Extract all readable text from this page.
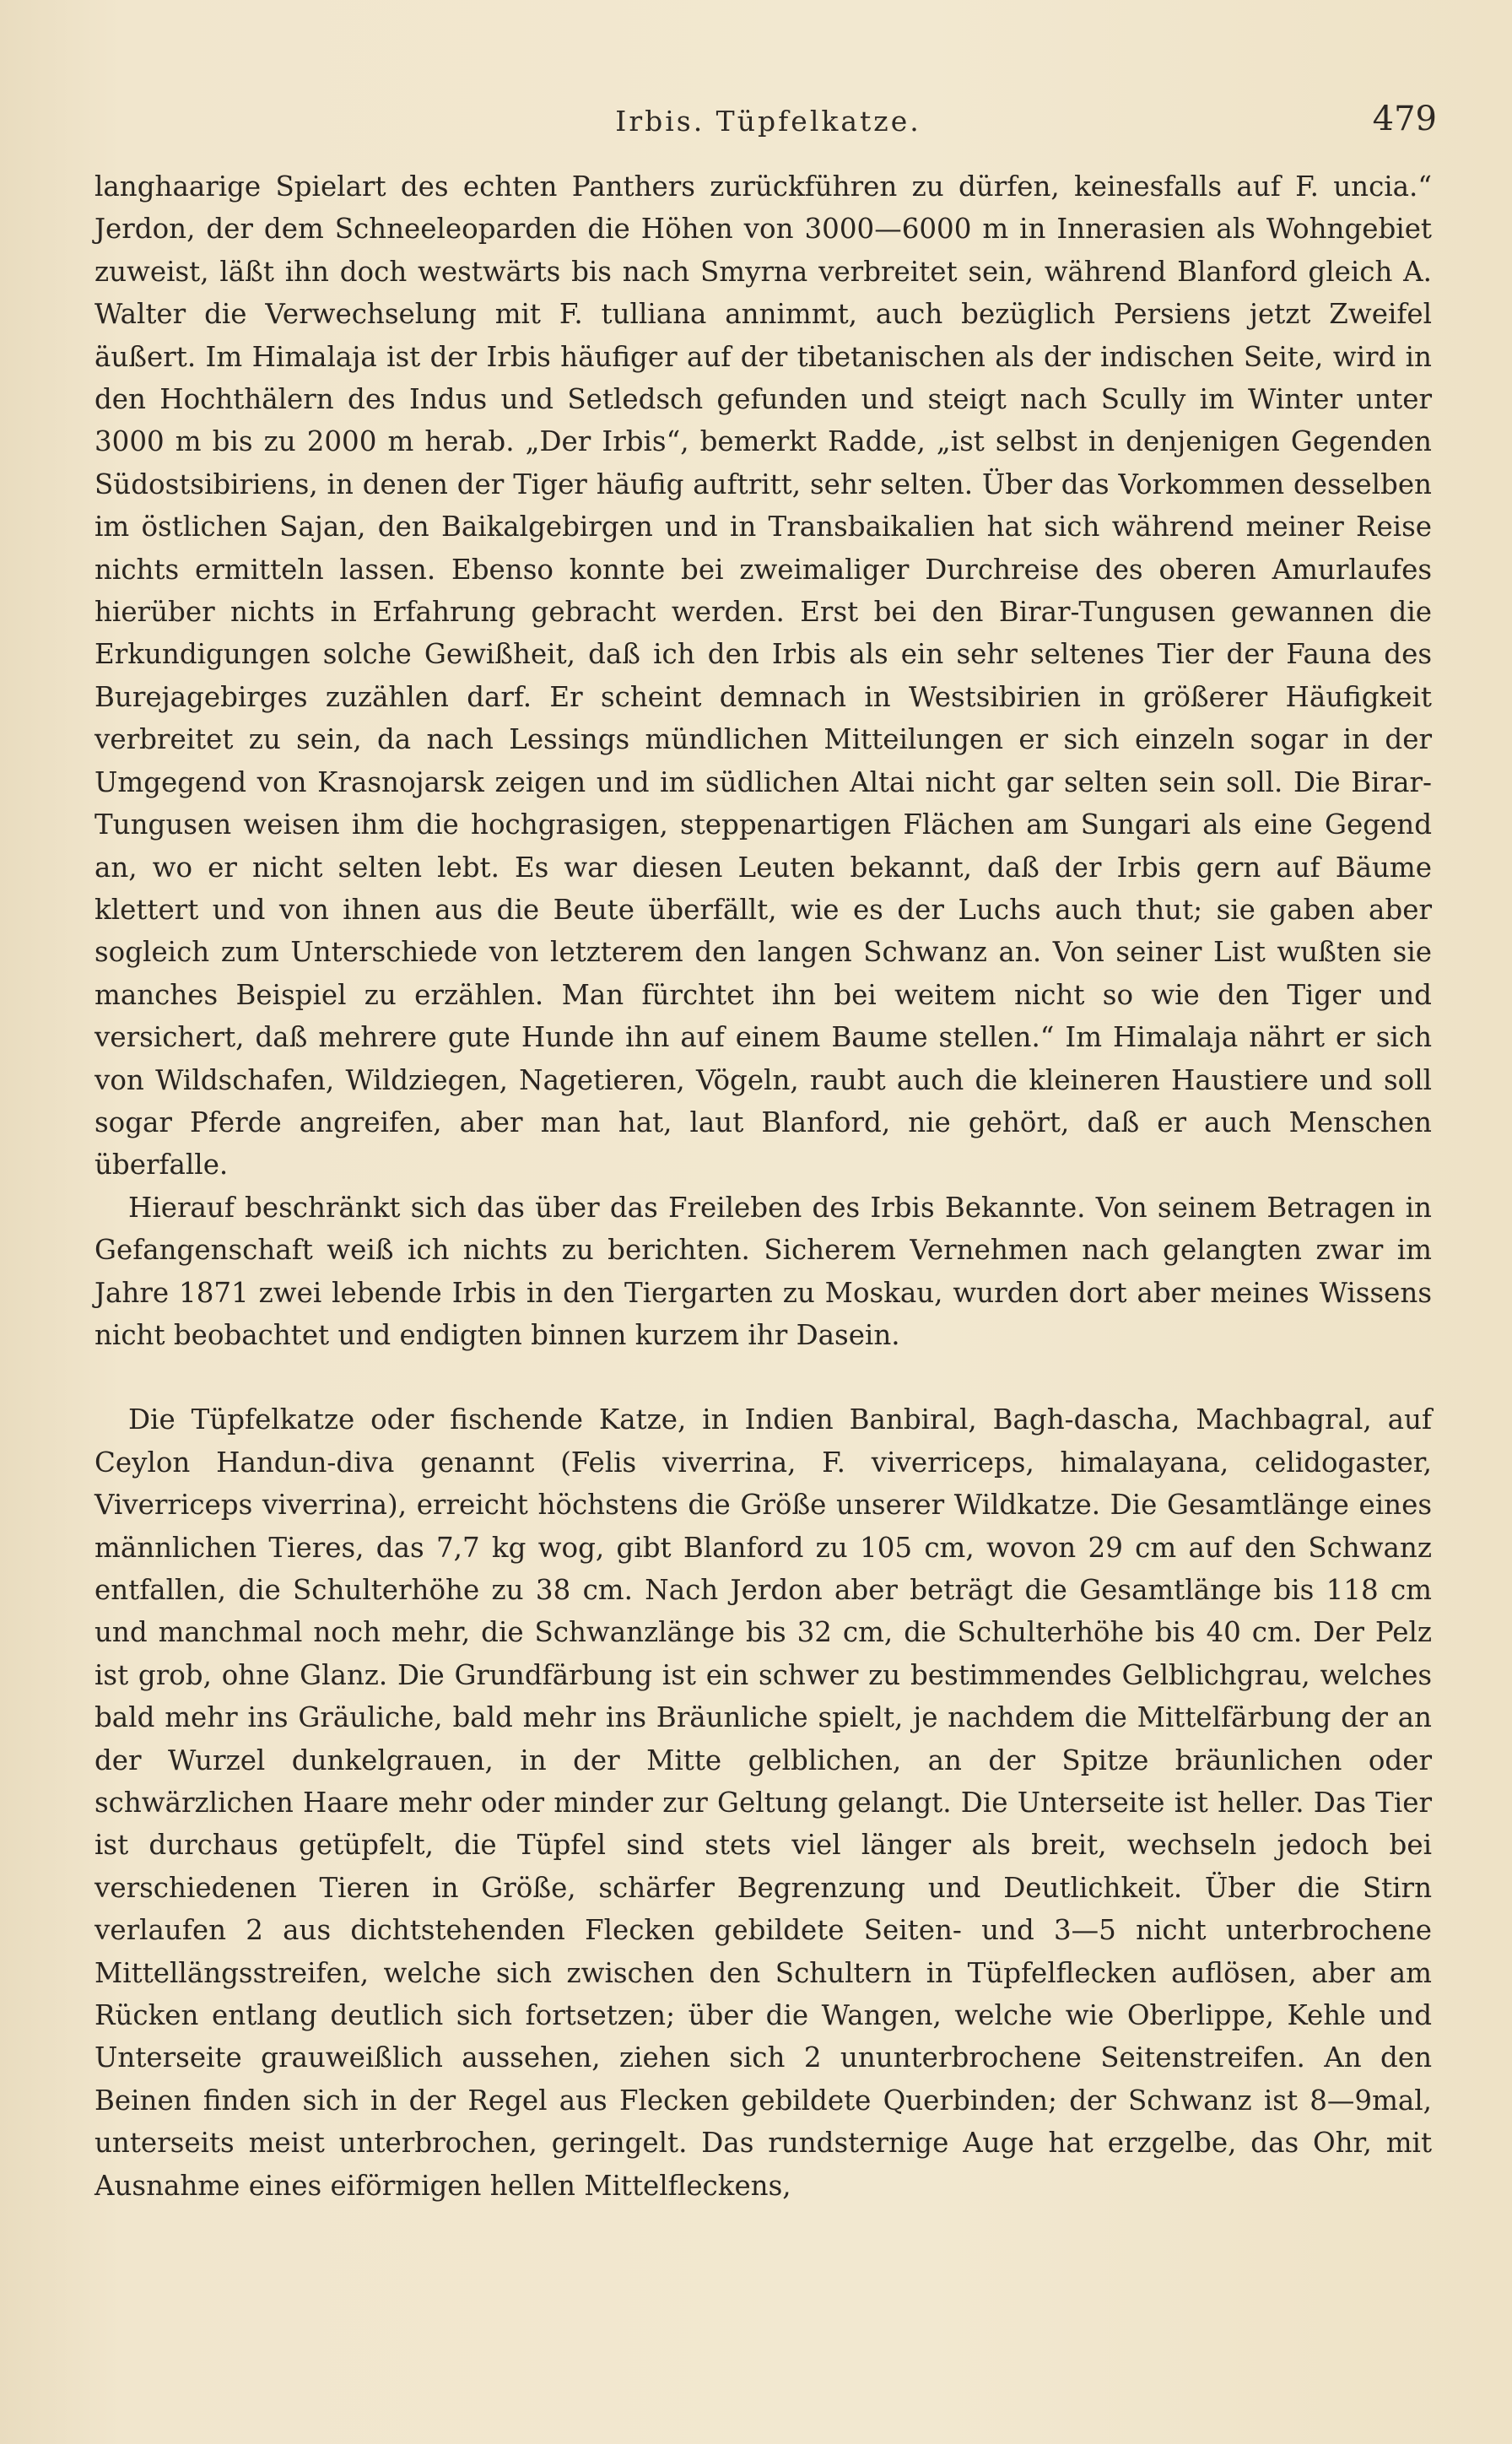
Irbis. Tüpfelkatze.	479

langhaarige Spielart des echten Panthers zurückführen zu dürfen, keinesfalls auf F. uncia.“ Jerdon, der dem Schneeleoparden die Höhen von 3000—6000 m in Innerasien als Wohngebiet zuweist, läßt ihn doch westwärts bis nach Smyrna verbreitet sein, während Blanford gleich A. Walter die Verwechselung mit F. tulliana annimmt, auch bezüglich Persiens jetzt Zweifel äußert. Im Himalaja ist der Irbis häufiger auf der tibetanischen als der indischen Seite, wird in den Hochthälern des Indus und Setledsch gefunden und steigt nach Scully im Winter unter 3000 m bis zu 2000 m herab. „Der Irbis“, bemerkt Radde, „ist selbst in denjenigen Gegenden Südostsibiriens, in denen der Tiger häufig auftritt, sehr selten. Über das Vorkommen desselben im östlichen Sajan, den Baikalgebirgen und in Transbaikalien hat sich während meiner Reise nichts ermitteln lassen. Ebenso konnte bei zweimaliger Durchreise des oberen Amurlaufes hierüber nichts in Erfahrung gebracht werden. Erst bei den Birar-Tungusen gewannen die Erkundigungen solche Gewißheit, daß ich den Irbis als ein sehr seltenes Tier der Fauna des Burejagebirges zuzählen darf. Er scheint demnach in Westsibirien in größerer Häufigkeit verbreitet zu sein, da nach Lessings mündlichen Mitteilungen er sich einzeln sogar in der Umgegend von Krasnojarsk zeigen und im südlichen Altai nicht gar selten sein soll. Die Birar-Tungusen weisen ihm die hochgrasigen, steppenartigen Flächen am Sungari als eine Gegend an, wo er nicht selten lebt. Es war diesen Leuten bekannt, daß der Irbis gern auf Bäume klettert und von ihnen aus die Beute überfällt, wie es der Luchs auch thut; sie gaben aber sogleich zum Unterschiede von letzterem den langen Schwanz an. Von seiner List wußten sie manches Beispiel zu erzählen. Man fürchtet ihn bei weitem nicht so wie den Tiger und versichert, daß mehrere gute Hunde ihn auf einem Baume stellen.“ Im Himalaja nährt er sich von Wildschafen, Wildziegen, Nagetieren, Vögeln, raubt auch die kleineren Haustiere und soll sogar Pferde angreifen, aber man hat, laut Blanford, nie gehört, daß er auch Menschen überfalle.

Hierauf beschränkt sich das über das Freileben des Irbis Bekannte. Von seinem Betragen in Gefangenschaft weiß ich nichts zu berichten. Sicherem Vernehmen nach gelangten zwar im Jahre 1871 zwei lebende Irbis in den Tiergarten zu Moskau, wurden dort aber meines Wissens nicht beobachtet und endigten binnen kurzem ihr Dasein.

Die Tüpfelkatze oder fischende Katze, in Indien Banbiral, Bagh-dascha, Machbagral, auf Ceylon Handun-diva genannt (Felis viverrina, F. viverriceps, himalayana, celidogaster, Viverriceps viverrina), erreicht höchstens die Größe unserer Wildkatze. Die Gesamtlänge eines männlichen Tieres, das 7,7 kg wog, gibt Blanford zu 105 cm, wovon 29 cm auf den Schwanz entfallen, die Schulterhöhe zu 38 cm. Nach Jerdon aber beträgt die Gesamtlänge bis 118 cm und manchmal noch mehr, die Schwanzlänge bis 32 cm, die Schulterhöhe bis 40 cm. Der Pelz ist grob, ohne Glanz. Die Grundfärbung ist ein schwer zu bestimmendes Gelblichgrau, welches bald mehr ins Gräuliche, bald mehr ins Bräunliche spielt, je nachdem die Mittelfärbung der an der Wurzel dunkelgrauen, in der Mitte gelblichen, an der Spitze bräunlichen oder schwärzlichen Haare mehr oder minder zur Geltung gelangt. Die Unterseite ist heller. Das Tier ist durchaus getüpfelt, die Tüpfel sind stets viel länger als breit, wechseln jedoch bei verschiedenen Tieren in Größe, schärfer Begrenzung und Deutlichkeit. Über die Stirn verlaufen 2 aus dichtstehenden Flecken gebildete Seiten- und 3—5 nicht unterbrochene Mittellängsstreifen, welche sich zwischen den Schultern in Tüpfelflecken auflösen, aber am Rücken entlang deutlich sich fortsetzen; über die Wangen, welche wie Oberlippe, Kehle und Unterseite grauweißlich aussehen, ziehen sich 2 ununterbrochene Seitenstreifen. An den Beinen finden sich in der Regel aus Flecken gebildete Querbinden; der Schwanz ist 8—9mal, unterseits meist unterbrochen, geringelt. Das rundsternige Auge hat erzgelbe, das Ohr, mit Ausnahme eines eiförmigen hellen Mittelfleckens,
